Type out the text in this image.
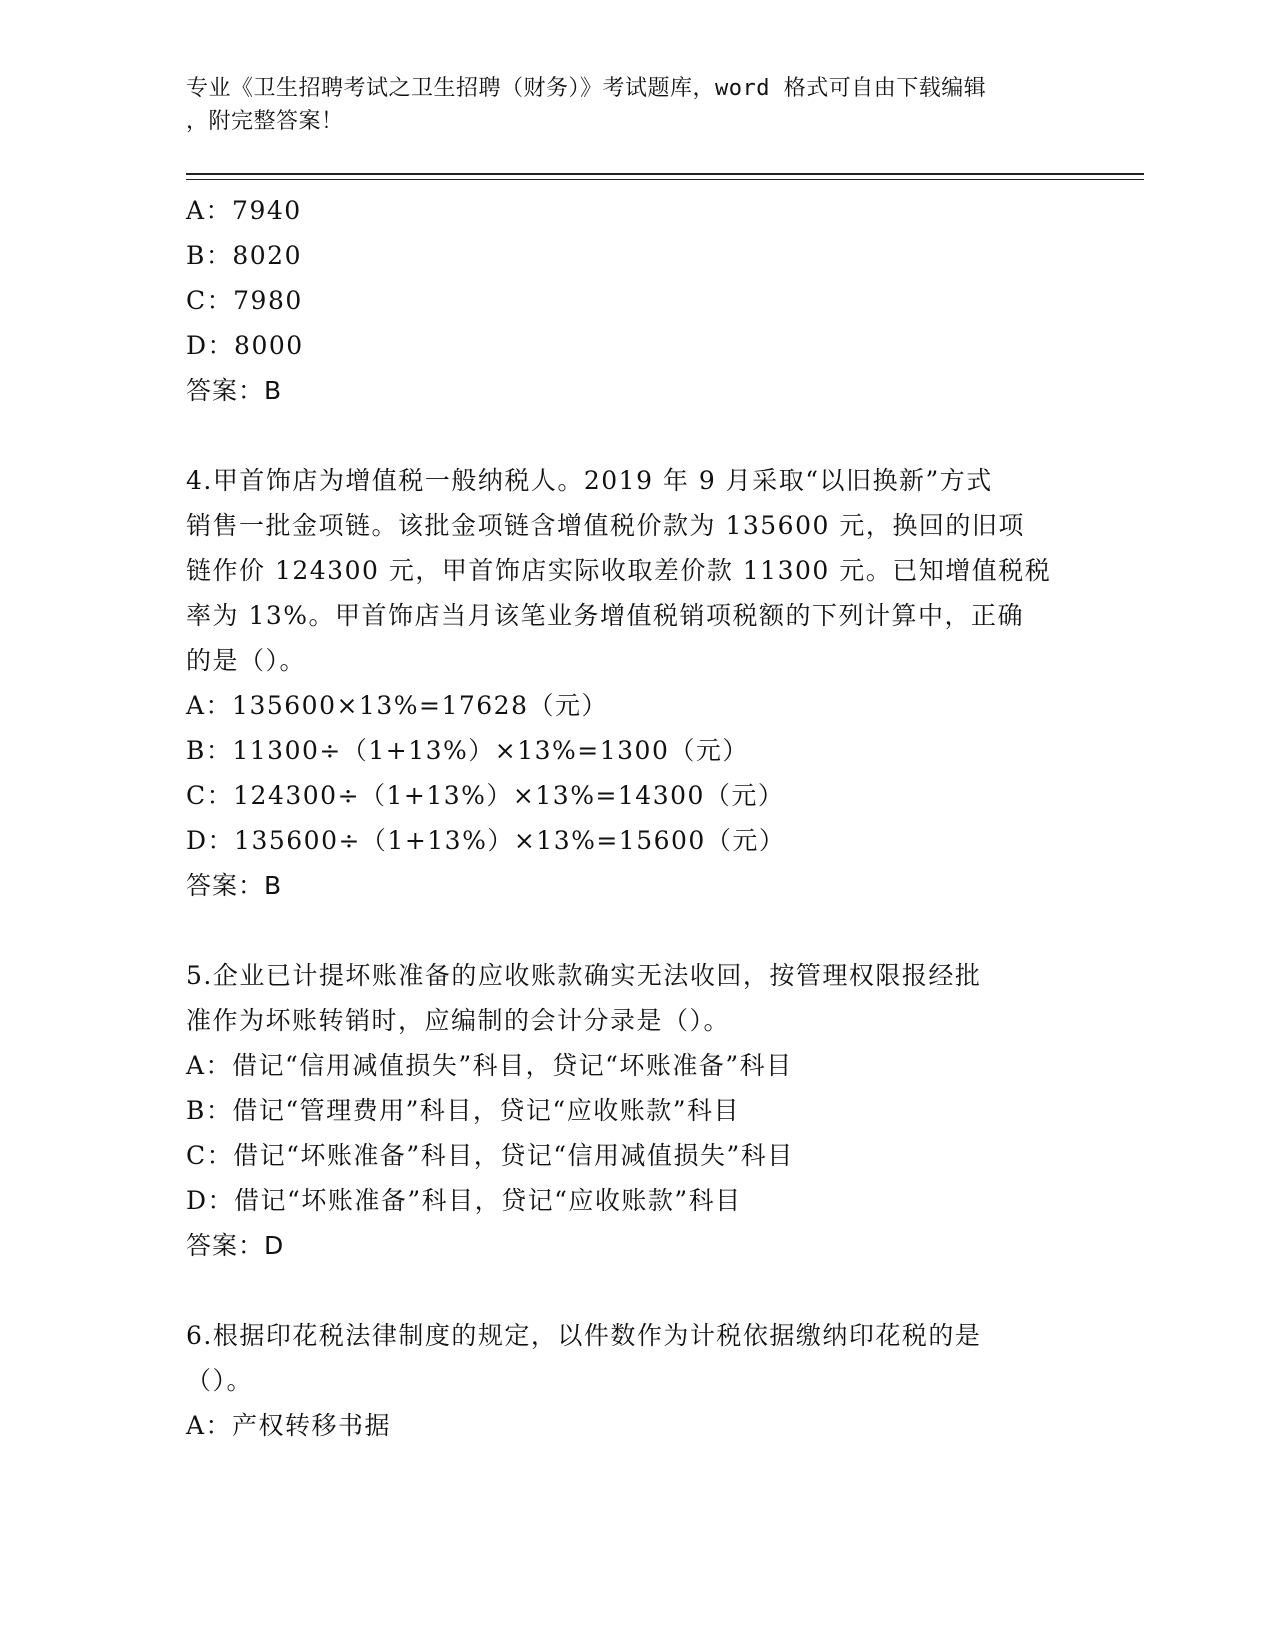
专业《卫生招聘考试之卫生招聘（财务）》考试题库，word 格式可自由下载编辑
，附完整答案！
A：7940
B：8020
C：7980
D：8000
答案：B
4.甲首饰店为增值税一般纳税人。2019 年 9 月采取“以旧换新”方式
销售一批金项链。该批金项链含增值税价款为 135600 元，换回的旧项
链作价 124300 元，甲首饰店实际收取差价款 11300 元。已知增值税税
率为 13%。甲首饰店当月该笔业务增值税销项税额的下列计算中，正确
的是（）。
A：135600×13%=17628（元）
B：11300÷（1+13%）×13%=1300（元）
C：124300÷（1+13%）×13%=14300（元）
D：135600÷（1+13%）×13%=15600（元）
答案：B
5.企业已计提坏账准备的应收账款确实无法收回，按管理权限报经批
准作为坏账转销时，应编制的会计分录是（）。
A：借记“信用减值损失”科目，贷记“坏账准备”科目
B：借记“管理费用”科目，贷记“应收账款”科目
C：借记“坏账准备”科目，贷记“信用减值损失”科目
D：借记“坏账准备”科目，贷记“应收账款”科目
答案：D
6.根据印花税法律制度的规定，以件数作为计税依据缴纳印花税的是
（）。
A：产权转移书据
